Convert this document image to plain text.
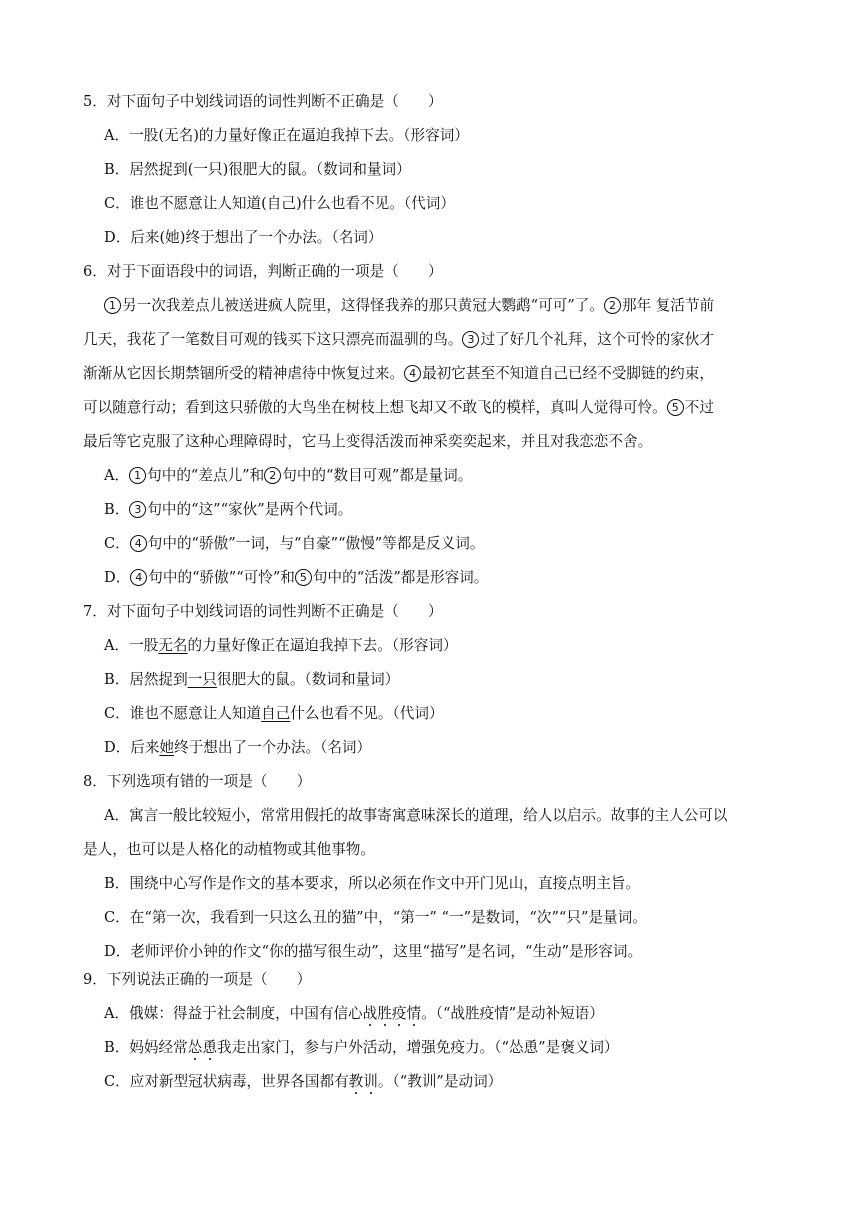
5．对下面句子中划线词语的词性判断不正确是（　　）
A．一股(无名)的力量好像正在逼迫我掉下去。（形容词）
B．居然捉到(一只)很肥大的鼠。（数词和量词）
C．谁也不愿意让人知道(自己)什么也看不见。（代词）
D．后来(她)终于想出了一个办法。（名词）
6．对于下面语段中的词语，判断正确的一项是（　　）
1 另一次我差点儿被送进疯人院里，这得怪我养的那只黄冠大鹦鹉“可可”了。 2 那年 复活节前
几天，我花了一笔数目可观的钱买下这只漂亮而温驯的鸟。 3 过了好几个礼拜，这个可怜的家伙才
渐渐从它因长期禁锢所受的精神虐待中恢复过来。 4 最初它甚至不知道自己已经不受脚链的约束，
可以随意行动；看到这只骄傲的大鸟坐在树枝上想飞却又不敢飞的模样，真叫人觉得可怜。 5 不过
最后等它克服了这种心理障碍时，它马上变得活泼而神采奕奕起来，并且对我恋恋不舍。
A． 1 句中的“差点儿”和 2 句中的“数目可观”都是量词。
B． 3 句中的“这”“家伙”是两个代词。
C． 4 句中的“骄傲”一词，与“自豪”“傲慢”等都是反义词。
D． 4 句中的“骄傲”“可怜”和 5 句中的“活泼”都是形容词。
7．对下面句子中划线词语的词性判断不正确是（　　）
A．一股无名的力量好像正在逼迫我掉下去。（形容词）
B．居然捉到一只很肥大的鼠。（数词和量词）
C．谁也不愿意让人知道自己什么也看不见。（代词）
D．后来她终于想出了一个办法。（名词）
8．下列选项有错的一项是（　　）
A．寓言一般比较短小，常常用假托的故事寄寓意味深长的道理，给人以启示。故事的主人公可以
是人，也可以是人格化的动植物或其他事物。
B．围绕中心写作是作文的基本要求，所以必须在作文中开门见山，直接点明主旨。
C．在“第一次，我看到一只这么丑的猫”中，“第一” “一”是数词，“次”“只”是量词。
D．老师评价小钟的作文“你的描写很生动”，这里“描写”是名词，“生动”是形容词。
9．下列说法正确的一项是（　　）
A．俄媒：得益于社会制度，中国有信心战胜疫情。（“战胜疫情”是动补短语）
B．妈妈经常怂恿我走出家门，参与户外活动，增强免疫力。（“怂恿”是褒义词）
C．应对新型冠状病毒，世界各国都有教训。（“教训”是动词）
